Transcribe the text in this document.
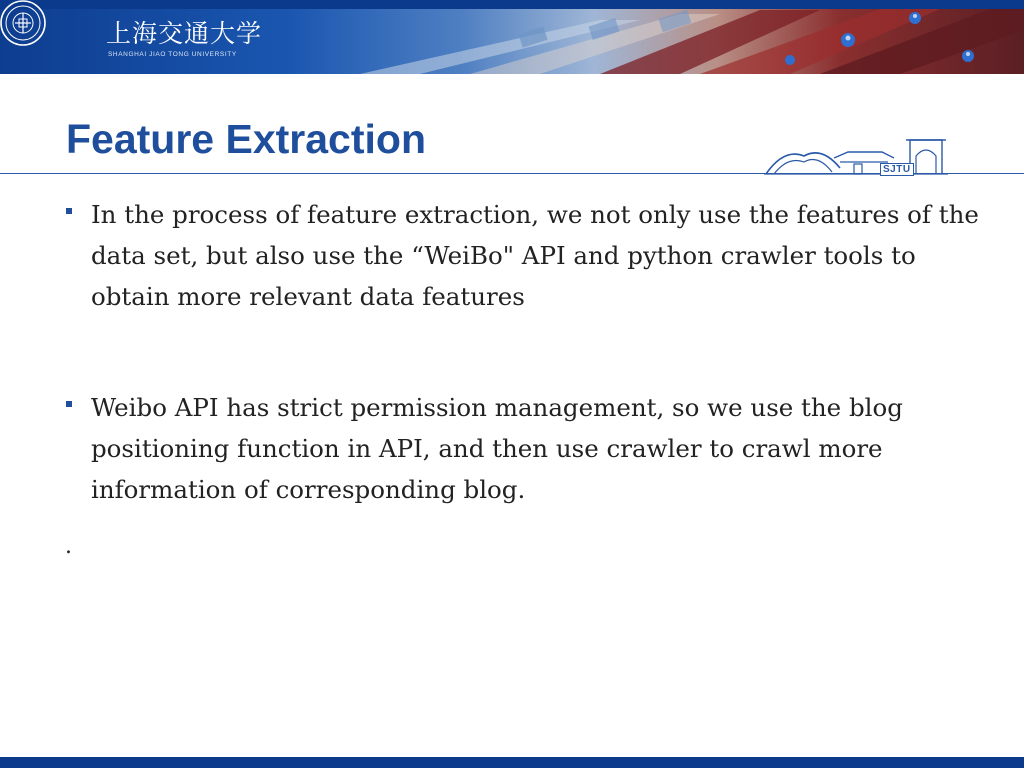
上海交通大学
SHANGHAI JIAO TONG UNIVERSITY
Feature Extraction
SJTU
In the process of feature extraction, we not only use the features of the data set, but also use the “WeiBo" API and python crawler tools to obtain more relevant data features
Weibo API has strict permission management, so we use the blog positioning function in API, and then use crawler to crawl more information of corresponding blog.
.
